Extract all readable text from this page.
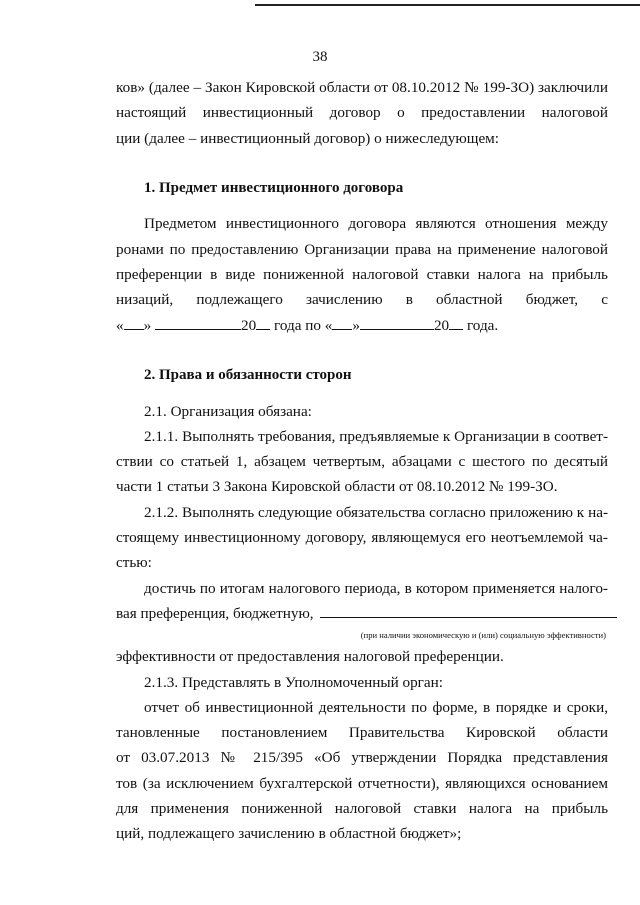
38
ков» (далее – Закон Кировской области от 08.10.2012 № 199-ЗО) заключили
настоящий инвестиционный договор о предоставлении налоговой
ции (далее – инвестиционный договор) о нижеследующем:
1. Предмет инвестиционного договора
Предметом инвестиционного договора являются отношения между
ронами по предоставлению Организации права на применение налоговой
преференции в виде пониженной налоговой ставки налога на прибыль
низаций, подлежащего зачислению в областной бюджет, с
« »	20 года по « »	20 года.
2. Права и обязанности сторон
2.1. Организация обязана:
2.1.1. Выполнять требования, предъявляемые к Организации в соответ-
ствии со статьей 1, абзацем четвертым, абзацами с шестого по десятый
части 1 статьи 3 Закона Кировской области от 08.10.2012 № 199-ЗО.
2.1.2. Выполнять следующие обязательства согласно приложению к на-
стоящему инвестиционному договору, являющемуся его неотъемлемой ча-
стью:
достичь по итогам налогового периода, в котором применяется налого-
вая преференция, бюджетную,
(при наличии экономическую и (или) социальную эффективности)
эффективности от предоставления налоговой преференции.
2.1.3. Представлять в Уполномоченный орган:
отчет об инвестиционной деятельности по форме, в порядке и сроки,
тановленные постановлением Правительства Кировской области
от 03.07.2013 № 215/395 «Об утверждении Порядка представления
тов (за исключением бухгалтерской отчетности), являющихся основанием
для применения пониженной налоговой ставки налога на прибыль
ций, подлежащего зачислению в областной бюджет»;
